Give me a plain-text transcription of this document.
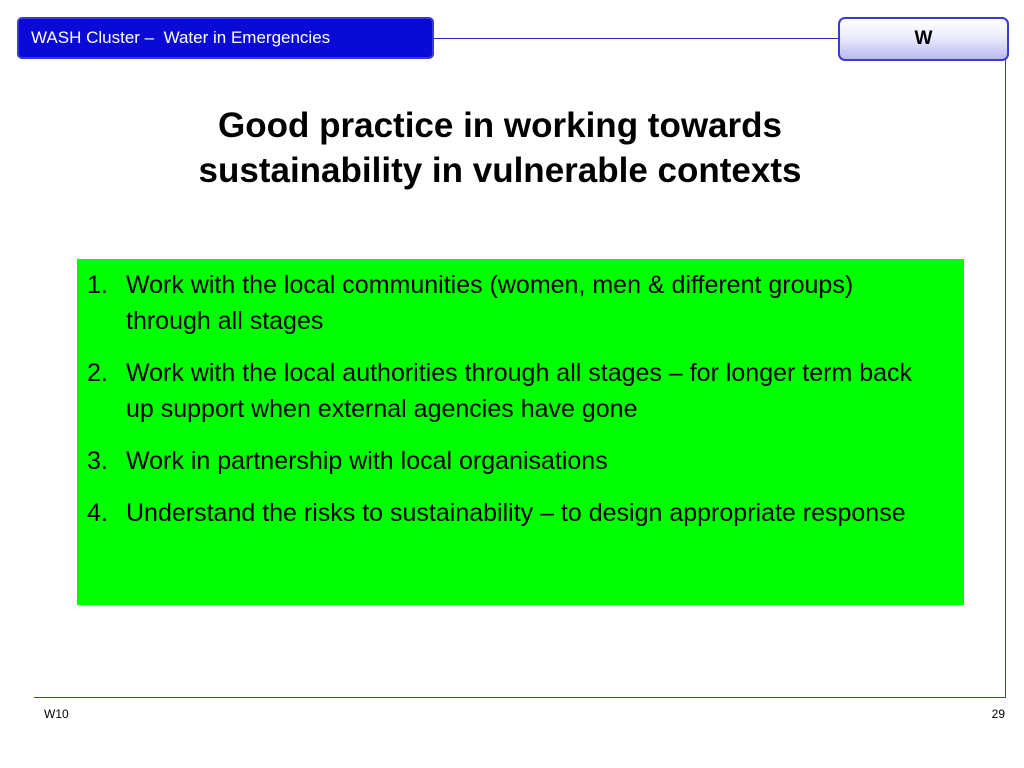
WASH Cluster –  Water in Emergencies	W
Good practice in working towards
sustainability in vulnerable contexts
1. Work with the local communities (women, men & different groups) through all stages
2. Work with the local authorities through all stages – for longer term back up support when external agencies have gone
3. Work in partnership with local organisations
4. Understand the risks to sustainability – to design appropriate response
W10	29
